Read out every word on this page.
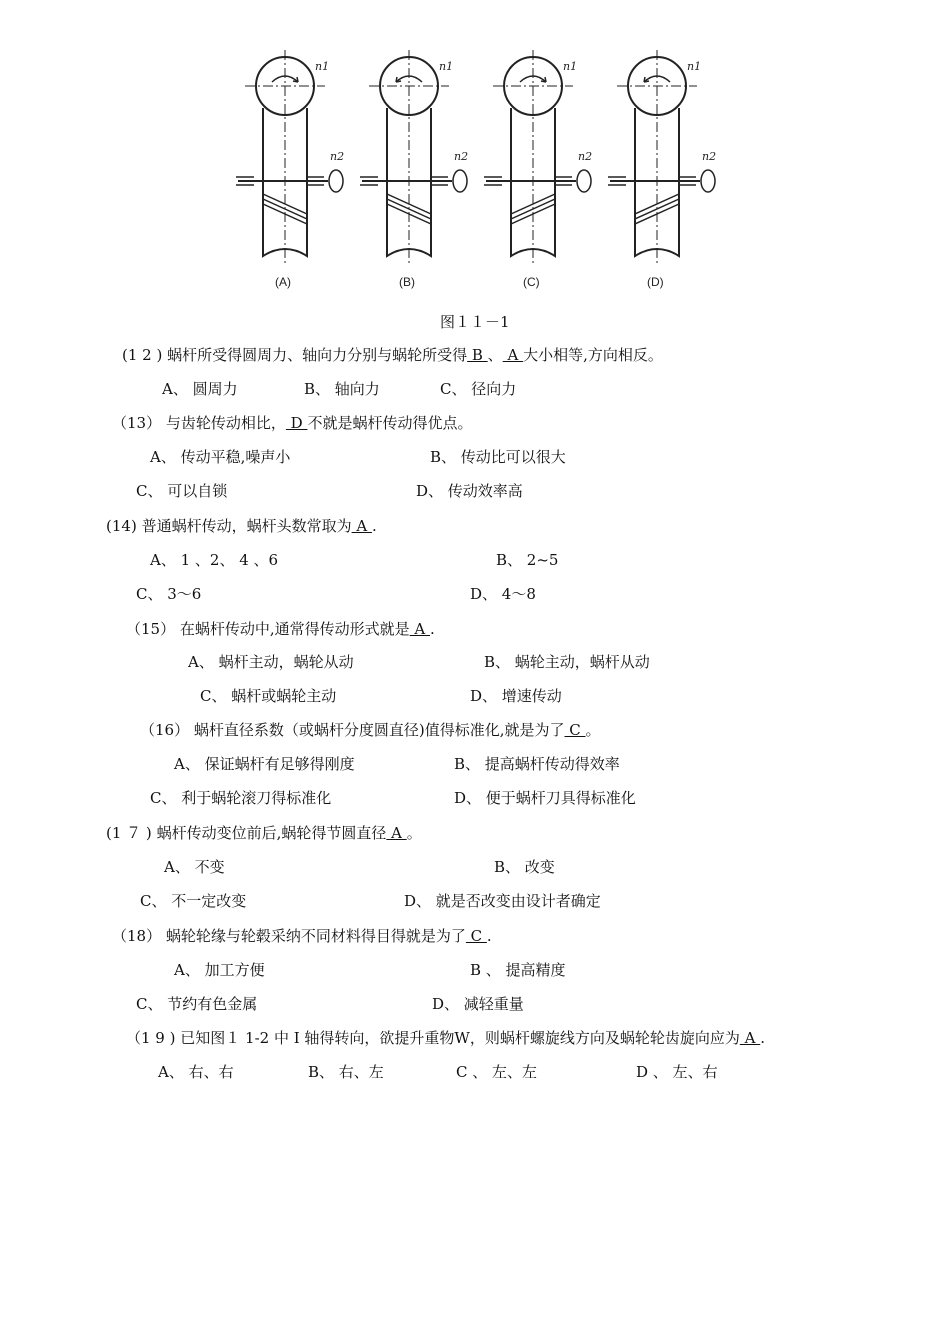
n1
n2
(A)
n1
n2
(B)
n1
n2
(C)
n1
n2
(D)
图１１－1
(1 2 ) 蜗杆所受得圆周力、轴向力分别与蜗轮所受得 B 、 A 大小相等,方向相反。
A、 圆周力	B、 轴向力	C、 径向力
（13） 与齿轮传动相比， D 不就是蜗杆传动得优点。
A、 传动平稳,噪声小	B、 传动比可以很大
C、 可以自锁	D、 传动效率高
(14) 普通蜗杆传动，蜗杆头数常取为 A .
A、 1 、2、 4 、6	B、 2~5
C、 3～6	D、 4～8
（15） 在蜗杆传动中,通常得传动形式就是 A .
A、 蜗杆主动，蜗轮从动	B、 蜗轮主动，蜗杆从动
C、 蜗杆或蜗轮主动	D、 增速传动
（16） 蜗杆直径系数（或蜗杆分度圆直径)值得标准化,就是为了 C 。
A、 保证蜗杆有足够得刚度	B、 提高蜗杆传动得效率
C、 利于蜗轮滚刀得标准化	D、 便于蜗杆刀具得标准化
(1 ７ ) 蜗杆传动变位前后,蜗轮得节圆直径 A 。
A、 不变	B、 改变
C、 不一定改变	D、 就是否改变由设计者确定
（18） 蜗轮轮缘与轮毂采纳不同材料得目得就是为了 C .
A、 加工方便	B 、 提高精度
C、 节约有色金属	D、 减轻重量
（1 9 ) 已知图１ 1-2 中 I 轴得转向，欲提升重物W，则蜗杆螺旋线方向及蜗轮轮齿旋向应为 A .
A、 右、右	B、 右、左	C 、 左、左	D 、 左、右
